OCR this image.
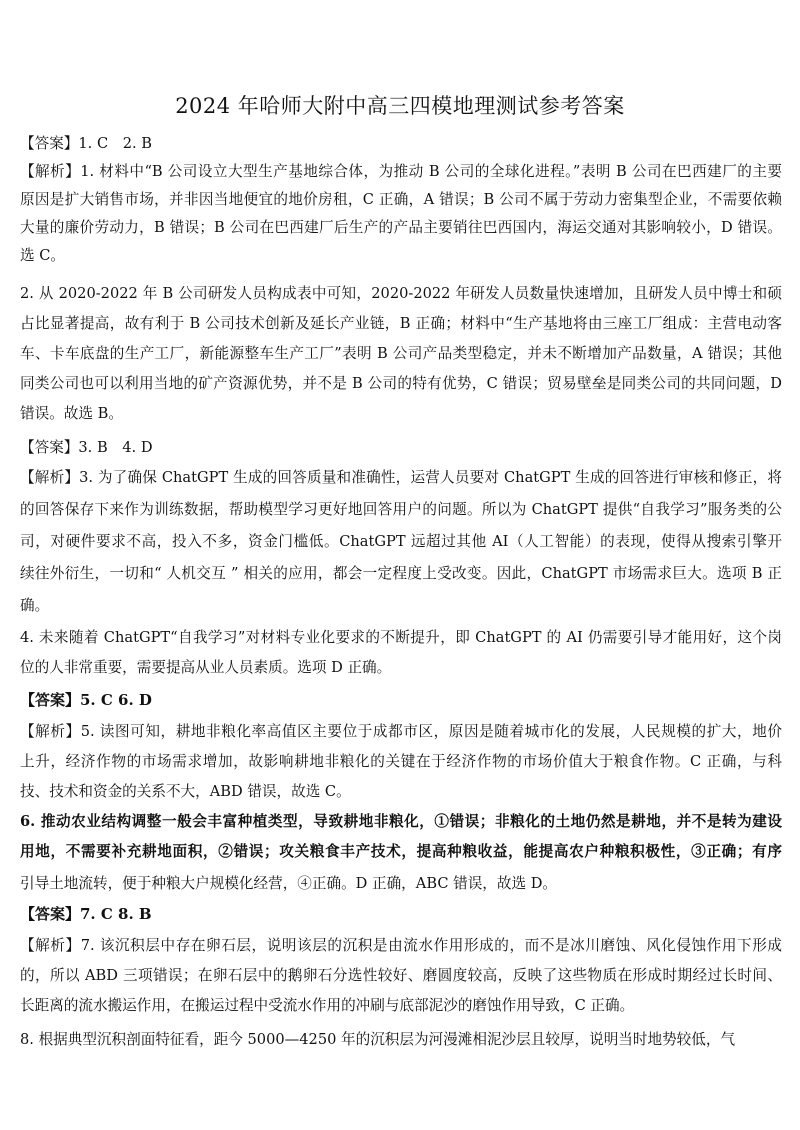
2024 年哈师大附中高三四模地理测试参考答案
【答案】1. C　2. B
【解析】1. 材料中“B 公司设立大型生产基地综合体，为推动 B 公司的全球化进程。”表明 B 公司在巴西建厂的主要
原因是扩大销售市场，并非因当地便宜的地价房租，C 正确，A 错误；B 公司不属于劳动力密集型企业，不需要依赖
大量的廉价劳动力，B 错误；B 公司在巴西建厂后生产的产品主要销往巴西国内，海运交通对其影响较小，D 错误。
选 C。
2. 从 2020-2022 年 B 公司研发人员构成表中可知，2020-2022 年研发人员数量快速增加，且研发人员中博士和硕
占比显著提高，故有利于 B 公司技术创新及延长产业链，B 正确；材料中“生产基地将由三座工厂组成：主营电动客
车、卡车底盘的生产工厂，新能源整车生产工厂”表明 B 公司产品类型稳定，并未不断增加产品数量，A 错误；其他
同类公司也可以利用当地的矿产资源优势，并不是 B 公司的特有优势，C 错误；贸易壁垒是同类公司的共同问题，D
错误。故选 B。
【答案】3. B　4. D
【解析】3. 为了确保 ChatGPT 生成的回答质量和准确性，运营人员要对 ChatGPT 生成的回答进行审核和修正，将
的回答保存下来作为训练数据，帮助模型学习更好地回答用户的问题。所以为 ChatGPT 提供“自我学习”服务类的公
司，对硬件要求不高，投入不多，资金门槛低。ChatGPT 远超过其他 AI（人工智能）的表现，使得从搜索引擎开
续往外衍生，一切和“ 人机交互 ” 相关的应用，都会一定程度上受改变。因此，ChatGPT 市场需求巨大。选项 B 正
确。
4. 未来随着 ChatGPT“自我学习”对材料专业化要求的不断提升，即 ChatGPT 的 AI 仍需要引导才能用好，这个岗
位的人非常重要，需要提高从业人员素质。选项 D 正确。
【答案】5. C 6. D
【解析】5. 读图可知，耕地非粮化率高值区主要位于成都市区，原因是随着城市化的发展，人民规模的扩大，地价
上升，经济作物的市场需求增加，故影响耕地非粮化的关键在于经济作物的市场价值大于粮食作物。C 正确，与科
技、技术和资金的关系不大，ABD 错误，故选 C。
6. 推动农业结构调整一般会丰富种植类型，导致耕地非粮化，①错误；非粮化的土地仍然是耕地，并不是转为建设
用地，不需要补充耕地面积，②错误；攻关粮食丰产技术，提高种粮收益，能提高农户种粮积极性，③正确；有序
引导土地流转，便于种粮大户规模化经营，④正确。D 正确，ABC 错误，故选 D。
【答案】7. C 8. B
【解析】7. 该沉积层中存在卵石层，说明该层的沉积是由流水作用形成的，而不是冰川磨蚀、风化侵蚀作用下形成
的，所以 ABD 三项错误；在卵石层中的鹅卵石分选性较好、磨圆度较高，反映了这些物质在形成时期经过长时间、
长距离的流水搬运作用，在搬运过程中受流水作用的冲刷与底部泥沙的磨蚀作用导致，C 正确。
8. 根据典型沉积剖面特征看，距今 5000—4250 年的沉积层为河漫滩相泥沙层且较厚，说明当时地势较低，气
